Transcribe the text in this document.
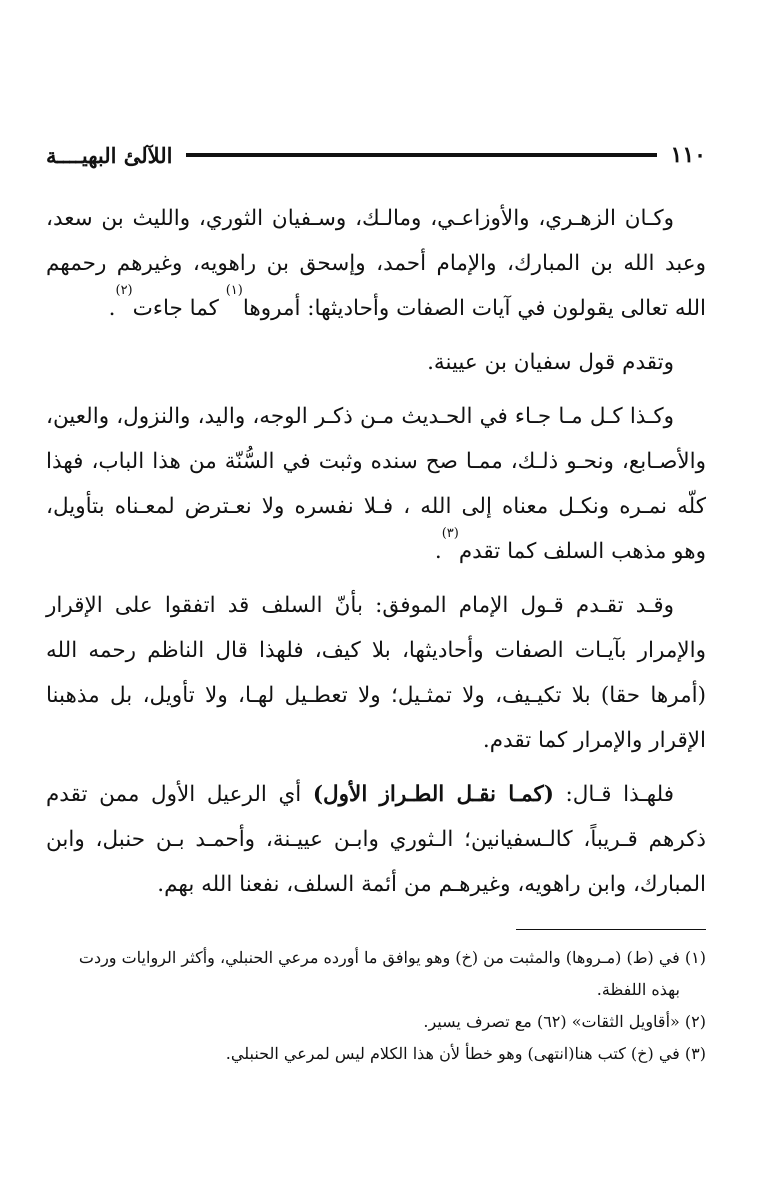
١١٠
اللآلئ البهيــــة

وكـان الزهـري، والأوزاعـي، ومالـك، وسـفيان الثوري، والليث بن سعد، وعبد الله بن المبارك، والإمام أحمد، وإسحق بن راهويه، وغيرهم رحمهم الله تعالى يقولون في آيات الصفات وأحاديثها: أمروها$^{(١)}$ كما جاءت$^{(٢)}$.

وتقدم قول سفيان بن عيينة.

وكـذا كـل مـا جـاء في الحـديث مـن ذكـر الوجه، واليد، والنزول، والعين، والأصـابع، ونحـو ذلـك، ممـا صح سنده وثبت في السُّنّة من هذا الباب، فهذا كلّه نمـره ونكـل معناه إلى الله ، فـلا نفسره ولا نعـترض لمعـناه بتأويل، وهو مذهب السلف كما تقدم$^{(٣)}$.

وقـد تقـدم قـول الإمام الموفق: بأنّ السلف قد اتفقوا على الإقرار والإمرار بآيـات الصفات وأحاديثها، بلا كيف، فلهذا قال الناظم رحمه الله (أمرها حقا) بلا تكيـيف، ولا تمثـيل؛ ولا تعطـيل لهـا، ولا تأويل، بل مذهبنا الإقرار والإمرار كما تقدم.

فلهـذا قـال: (كمـا نقـل الطـراز الأول) أي الرعيل الأول ممن تقدم ذكرهم قـريباً، كالـسفيانين؛ الـثوري وابـن عييـنة، وأحمـد بـن حنبل، وابن المبارك، وابن راهويه، وغيرهـم من أئمة السلف، نفعنا الله بهم.

(١) في (ط) (مـروها) والمثبت من (خ) وهو يوافق ما أورده مرعي الحنبلي، وأكثر الروايات وردت
بهذه اللفظة.

(٢) «أقاويل الثقات» (٦٢) مع تصرف يسير.

(٣) في (خ) كتب هنا(انتهى) وهو خطأ لأن هذا الكلام ليس لمرعي الحنبلي.
